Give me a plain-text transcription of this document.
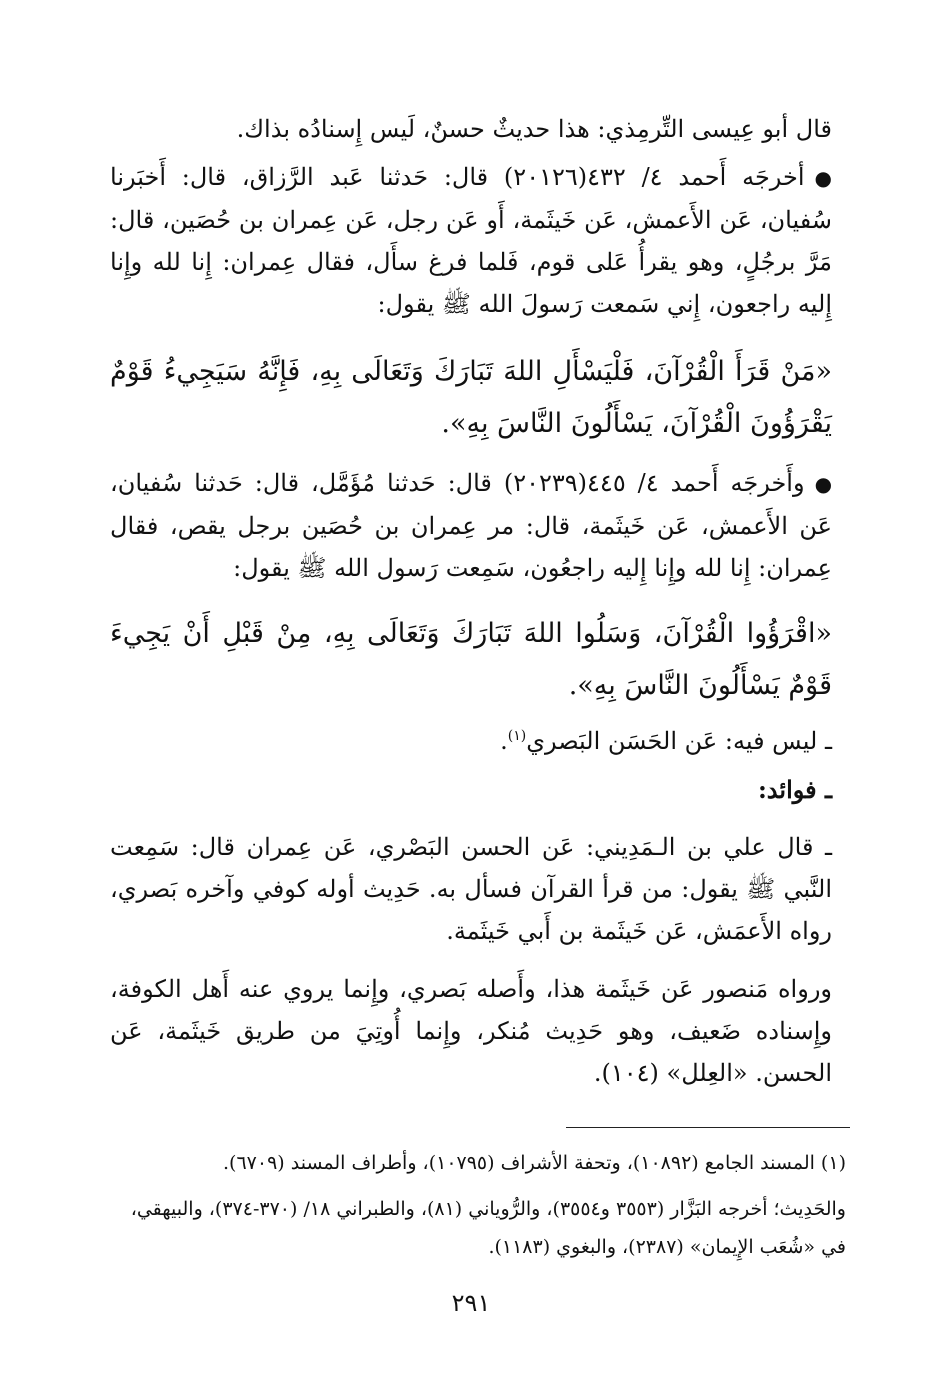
قال أبو عِيسى التِّرمِذي: هذا حديثٌ حسنٌ، لَيس إِسنادُه بذاك.

●أخرجَه أَحمد ٤/ ٤٣٢(٢٠١٢٦) قال: حَدثنا عَبد الرَّزاق، قال: أَخبَرنا سُفيان، عَن الأَعمش، عَن خَيثَمة، أَو عَن رجل، عَن عِمران بن حُصَين، قال: مَرَّ برجُلٍ، وهو يقرأُ عَلى قوم، فَلما فرغ سأَل، فقال عِمران: إِنا لله وإِنا إِليه راجعون، إِني سَمعت رَسولَ الله ﷺ يقول:

«مَنْ قَرَأَ الْقُرْآنَ، فَلْيَسْأَلِ اللهَ تَبَارَكَ وَتَعَالَى بِهِ، فَإِنَّهُ سَيَجِيءُ قَوْمٌ يَقْرَؤُونَ الْقُرْآنَ، يَسْأَلُونَ النَّاسَ بِهِ».

●وأَخرجَه أَحمد ٤/ ٤٤٥(٢٠٢٣٩) قال: حَدثنا مُؤَمَّل، قال: حَدثنا سُفيان، عَن الأَعمش، عَن خَيثَمة، قال: مر عِمران بن حُصَين برجل يقص، فقال عِمران: إِنا لله وإِنا إِليه راجعُون، سَمِعت رَسول الله ﷺ يقول:

«اقْرَؤُوا الْقُرْآنَ، وَسَلُوا اللهَ تَبَارَكَ وَتَعَالَى بِهِ، مِنْ قَبْلِ أَنْ يَجِيءَ قَوْمٌ يَسْأَلُونَ النَّاسَ بِهِ».

ـ ليس فيه: عَن الحَسَن البَصري$^{(١)}$.

ـ فوائد:

ـ قال علي بن الـمَدِيني: عَن الحسن البَصْري، عَن عِمران قال: سَمِعت النَّبي ﷺ يقول: من قرأ القرآن فسأل به. حَدِيث أوله كوفي وآخره بَصري، رواه الأَعمَش، عَن خَيثَمة بن أَبي خَيثَمة.

ورواه مَنصور عَن خَيثَمة هذا، وأَصله بَصري، وإِنما يروي عنه أَهل الكوفة، وإِسناده ضَعيف، وهو حَدِيث مُنكر، وإِنما أُوتِيَ من طريق خَيثَمة، عَن الحسن. «العِلل» (١٠٤).

(١) المسند الجامع (١٠٨٩٢)، وتحفة الأشراف (١٠٧٩٥)، وأطراف المسند (٦٧٠٩).

والحَدِيث؛ أخرجه البَزَّار (٣٥٥٣ و٣٥٥٤)، والرُّوياني (٨١)، والطبراني ١٨/ (٣٧٠-٣٧٤)، والبيهقي، في «شُعَب الإِيمان» (٢٣٨٧)، والبغوي (١١٨٣).

٢٩١
